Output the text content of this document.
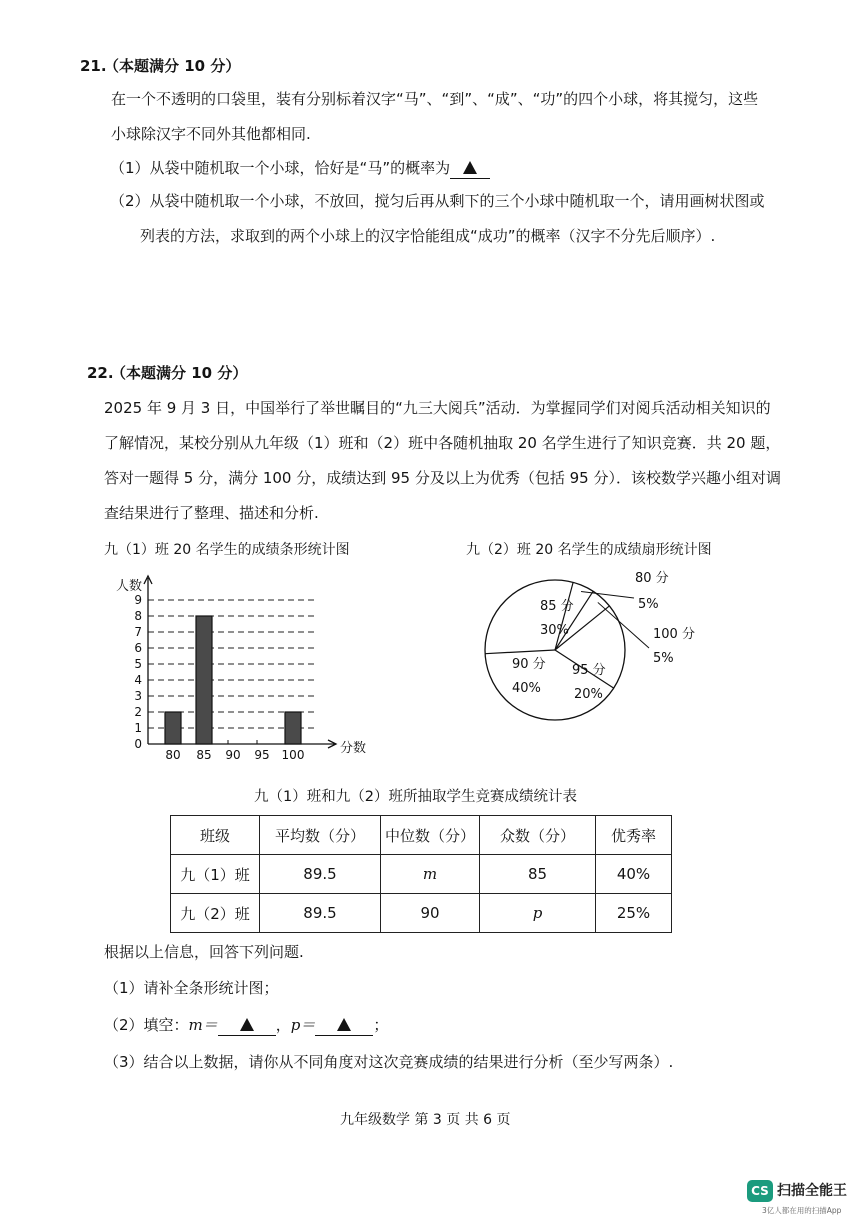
21.
（本题满分 10 分）
在一个不透明的口袋里，装有分别标着汉字“马”、“到”、“成”、“功”的四个小球，将其搅匀，这些
小球除汉字不同外其他都相同.
（1）从袋中随机取一个小球，恰好是“马”的概率为
（2）从袋中随机取一个小球，不放回，搅匀后再从剩下的三个小球中随机取一个，请用画树状图或
列表的方法，求取到的两个小球上的汉字恰能组成“成功”的概率（汉字不分先后顺序）.
22.
（本题满分 10 分）
2025 年 9 月 3 日，中国举行了举世瞩目的“九三大阅兵”活动．为掌握同学们对阅兵活动相关知识的
了解情况，某校分别从九年级（1）班和（2）班中各随机抽取 20 名学生进行了知识竞赛．共 20 题，
答对一题得 5 分，满分 100 分，成绩达到 95 分及以上为优秀（包括 95 分）．该校数学兴趣小组对调
查结果进行了整理、描述和分析.
九（1）班 20 名学生的成绩条形统计图
0
1
2
3
4
5
6
7
8
9
人数
分数
80 85 90 95 100
九（2）班 20 名学生的成绩扇形统计图
80 分
5%
100 分
5%
95 分
20%
90 分
40%
85 分
30%
九（1）班和九（2）班所抽取学生竞赛成绩统计表
班级	平均数（分）	中位数（分）	众数（分）	优秀率
九（1）班	89.5	m	85	40%
九（2）班	89.5	90	p	25%
根据以上信息，回答下列问题.
（1）请补全条形统计图；
（2）填空：m＝	，p＝	；
（3）结合以上数据，请你从不同角度对这次竞赛成绩的结果进行分析（至少写两条）.
九年级数学 第 3 页 共 6 页
CS 扫描全能王
3亿人都在用的扫描App
